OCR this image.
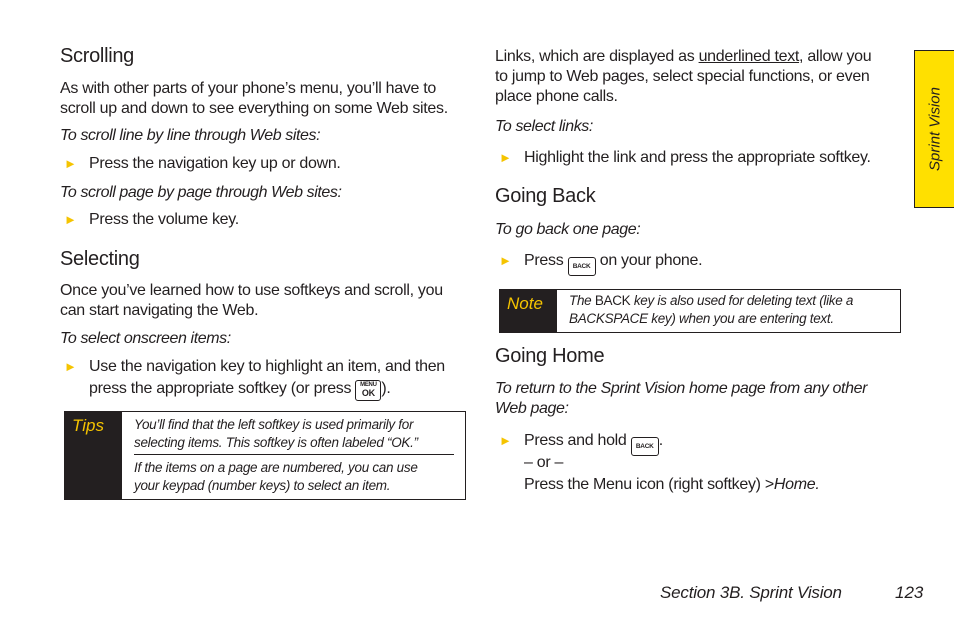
Scrolling
As with other parts of your phone’s menu, you’ll have to
scroll up and down to see everything on some Web sites.
To scroll line by line through Web sites:
► Press the navigation key up or down.
To scroll page by page through Web sites:
► Press the volume key.
Selecting
Once you’ve learned how to use softkeys and scroll, you
can start navigating the Web.
To select onscreen items:
► Use the navigation key to highlight an item, and then
press the appropriate softkey (or press MENU
OK ).
Tips	You’ll find that the left softkey is used primarily for
selecting items. This softkey is often labeled “OK.”
If the items on a page are numbered, you can use
your keypad (number keys) to select an item.
Links, which are displayed as underlined text, allow you
to jump to Web pages, select special functions, or even
place phone calls.
To select links:
► Highlight the link and press the appropriate softkey.
Going Back
To go back one page:
► Press BACK on your phone.
Note	The BACK key is also used for deleting text (like a
BACKSPACE key) when you are entering text.
Going Home
To return to the Sprint Vision home page from any other
Web page:
► Press and hold BACK .
– or –
Press the Menu icon (right softkey) >Home.
Sprint Vision
Section 3B. Sprint Vision	123
